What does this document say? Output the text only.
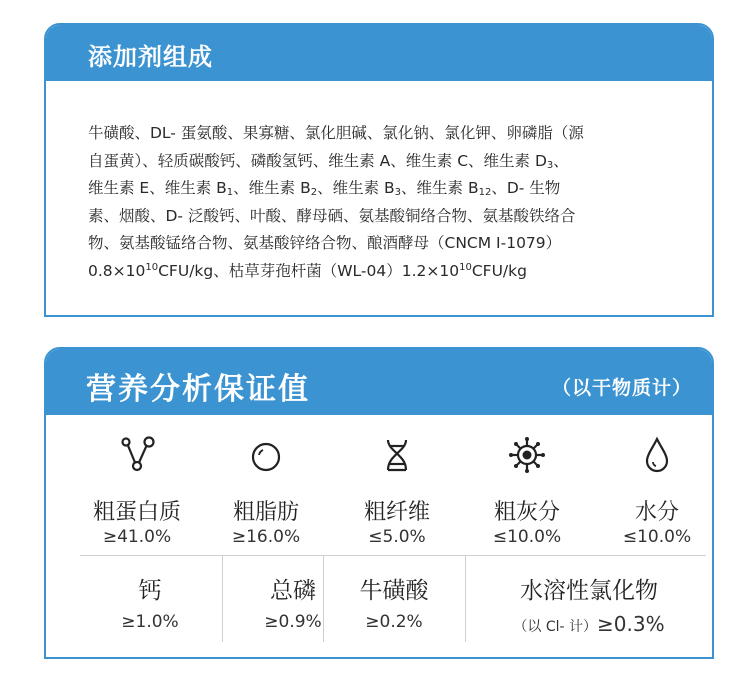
添加剂组成

牛磺酸、DL- 蛋氨酸、果寡糖、氯化胆碱、氯化钠、氯化钾、卵磷脂（源
自蛋黄）、轻质碳酸钙、磷酸氢钙、维生素 A、维生素 C、维生素 $D_3$、
维生素 E、维生素 $B_1$、维生素 $B_2$、维生素 $B_3$、维生素 $B_{12}$、D- 生物
素、烟酸、D- 泛酸钙、叶酸、酵母硒、氨基酸铜络合物、氨基酸铁络合
物、氨基酸锰络合物、氨基酸锌络合物、酿酒酵母（CNCM I-1079）
$0.8\times 10^{10}CFU/kg$、枯草芽孢杆菌$(WL-04)1.2\times 10^{10}CFU/kg$

营养分析保证值	（以干物质计）
粗蛋白质
≥41.0%
粗脂肪
≥16.0%
粗纤维
≤5.0%
粗灰分
≤10.0%
水分
≤10.0%
钙
≥1.0%
总磷
≥0.9%
牛磺酸
≥0.2%
水溶性氯化物
（以 Cl- 计）≥0.3%
